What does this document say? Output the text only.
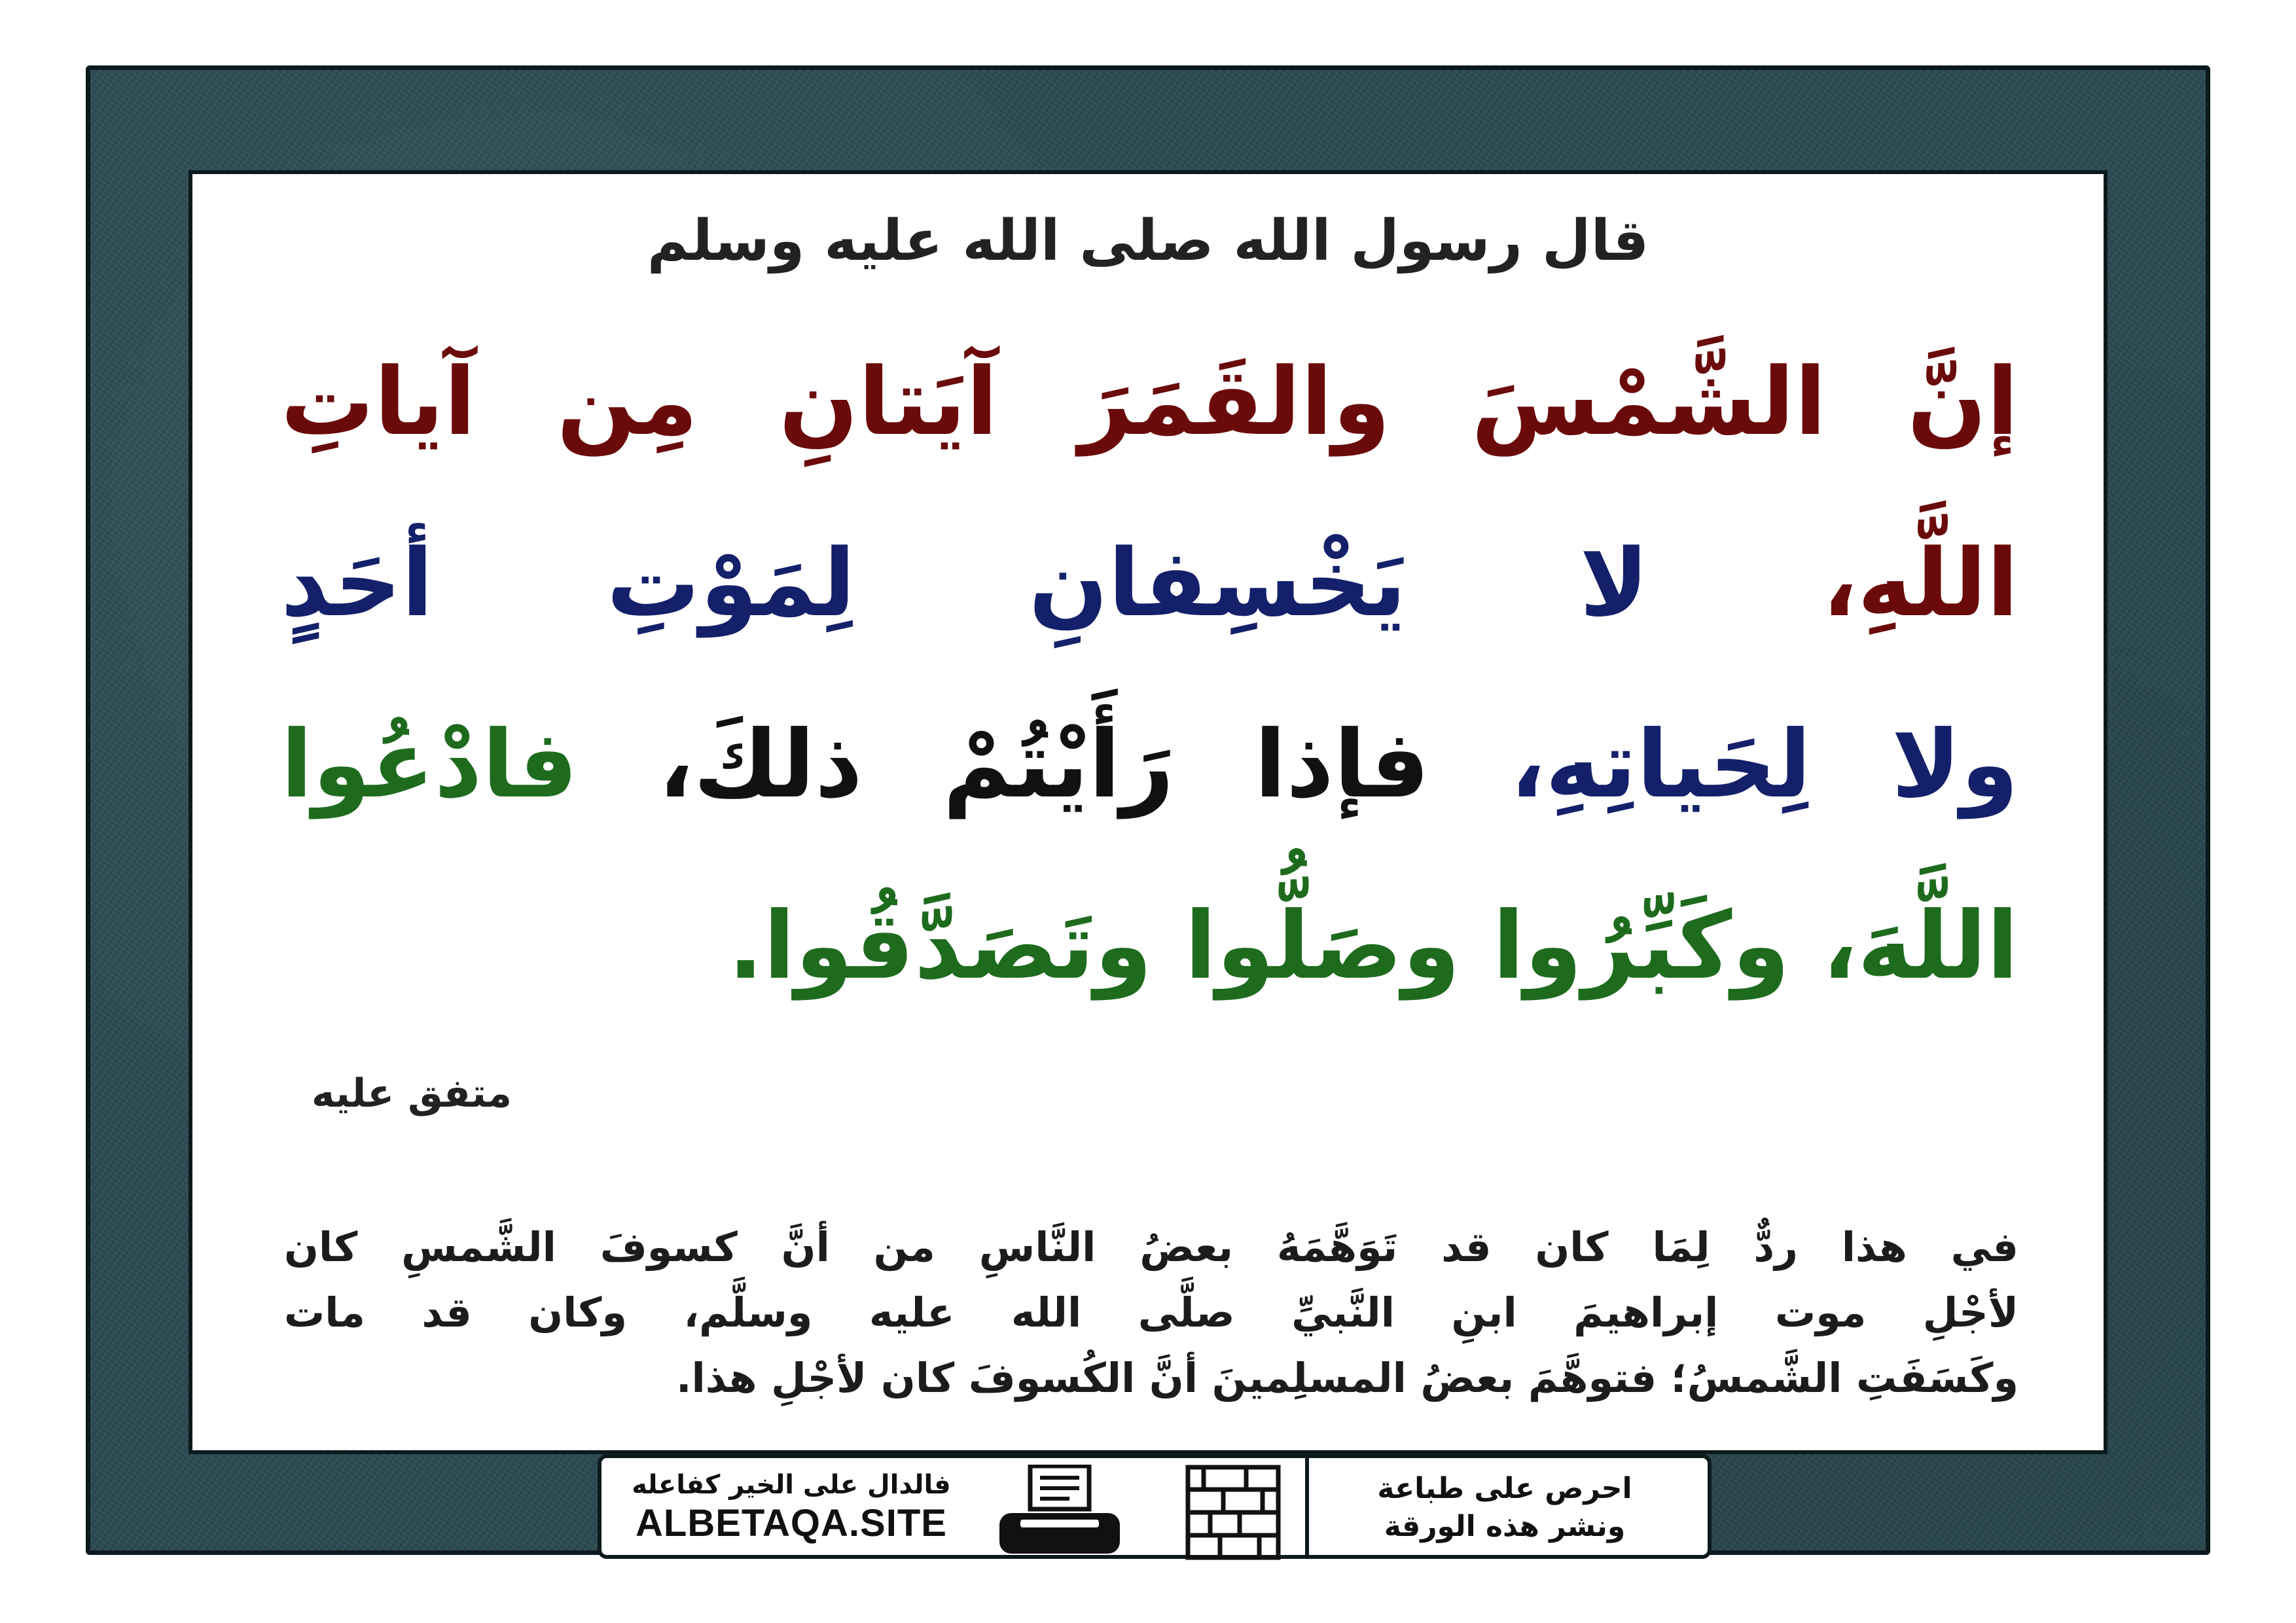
قال رسول الله صلى الله عليه وسلم
إنَّ الشَّمْسَ والقَمَرَ آيَتانِ مِن آياتِ
اللَّهِ، لا يَخْسِفانِ لِمَوْتِ أحَدٍ
ولا لِحَياتِهِ، فإذا رَأَيْتُمْ ذلكَ، فادْعُوا
اللَّهَ، وكَبِّرُوا وصَلُّوا وتَصَدَّقُوا.
متفق عليه
في هذا ردٌّ لِمَا كان قد تَوَهَّمَهُ بعضُ النَّاسِ من أنَّ كسوفَ الشَّمسِ كان
لأجْلِ موت إبراهيمَ ابنِ النَّبيِّ صلَّى الله عليه وسلَّم، وكان قد مات
وكَسَفَتِ الشَّمسُ؛ فتوهَّمَ بعضُ المسلِمينَ أنَّ الكُسوفَ كان لأجْلِ هذا.
فالدال على الخير كفاعله
ALBETAQA.SITE
احرص على طباعة
ونشر هذه الورقة
